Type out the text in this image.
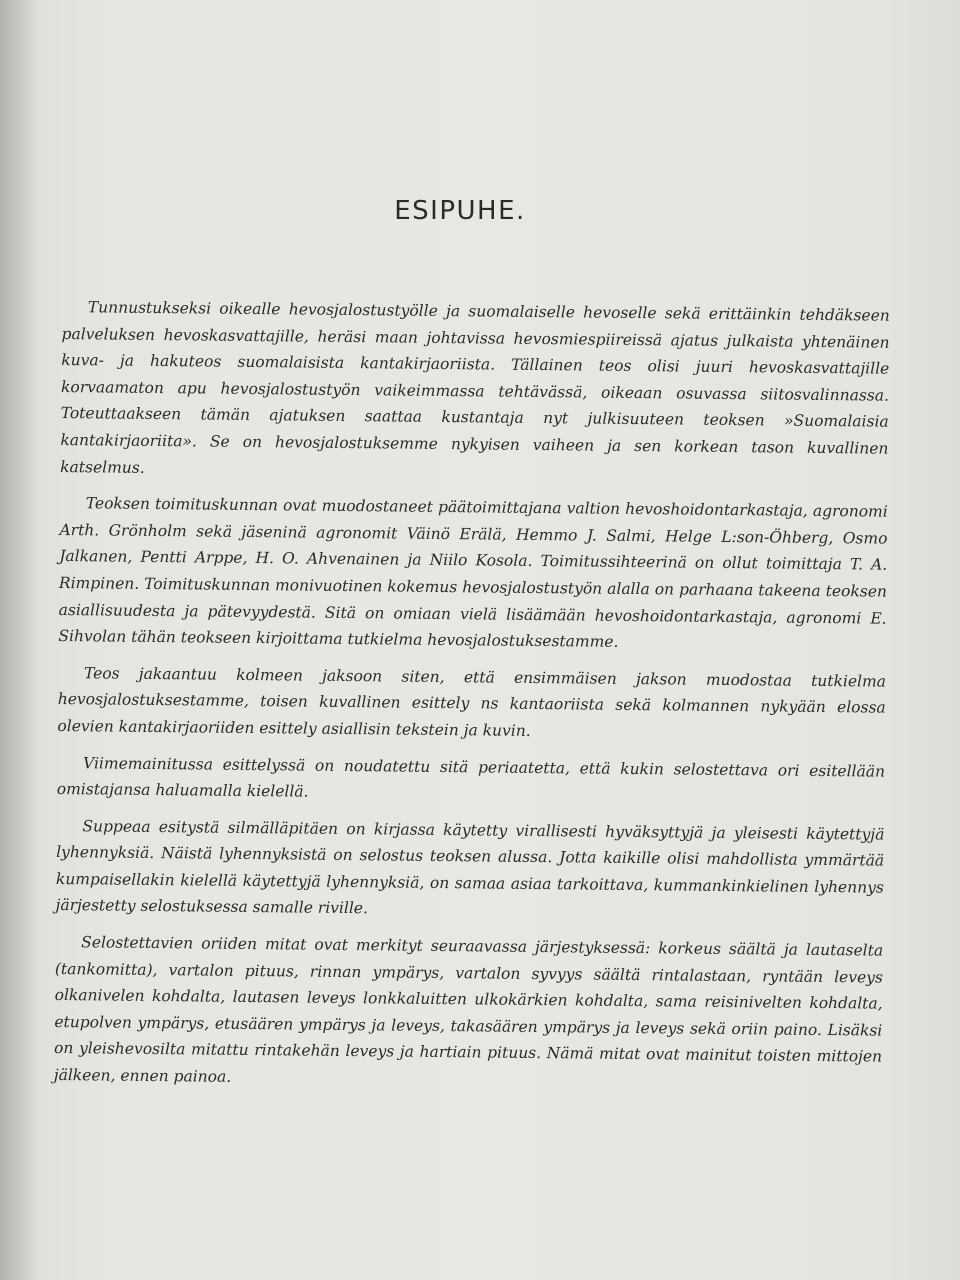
ESIPUHE.

Tunnustukseksi oikealle hevosjalostustyölle ja suomalaiselle hevoselle sekä erittäinkin tehdäkseen palveluksen hevoskasvattajille, heräsi maan johtavissa hevosmiespiireissä ajatus julkaista yhtenäinen kuva- ja hakuteos suomalaisista kantakirjaoriista. Tällainen teos olisi juuri hevoskasvattajille korvaamaton apu hevosjalostustyön vaikeimmassa tehtävässä, oikeaan osuvassa siitosvalinnassa. Toteuttaakseen tämän ajatuksen saattaa kustantaja nyt julkisuuteen teoksen »Suomalaisia kantakirjaoriita». Se on hevosjalostuksemme nykyisen vaiheen ja sen korkean tason kuvallinen katselmus.

Teoksen toimituskunnan ovat muodostaneet päätoimittajana valtion hevoshoidontarkastaja, agronomi Arth. Grönholm sekä jäseninä agronomit Väinö Erälä, Hemmo J. Salmi, Helge L:son-Öhberg, Osmo Jalkanen, Pentti Arppe, H. O. Ahvenainen ja Niilo Kosola. Toimitussihteerinä on ollut toimittaja T. A. Rimpinen. Toimituskunnan monivuotinen kokemus hevosjalostustyön alalla on parhaana takeena teoksen asiallisuudesta ja pätevyydestä. Sitä on omiaan vielä lisäämään hevoshoidontarkastaja, agronomi E. Sihvolan tähän teokseen kirjoittama tutkielma hevosjalostuksestamme.

Teos jakaantuu kolmeen jaksoon siten, että ensimmäisen jakson muodostaa tutkielma hevosjalostuksestamme, toisen kuvallinen esittely ns kantaoriista sekä kolmannen nykyään elossa olevien kantakirjaoriiden esittely asiallisin tekstein ja kuvin.

Viimemainitussa esittelyssä on noudatettu sitä periaatetta, että kukin selostettava ori esitellään omistajansa haluamalla kielellä.

Suppeaa esitystä silmälläpitäen on kirjassa käytetty virallisesti hyväksyttyjä ja yleisesti käytettyjä lyhennyksiä. Näistä lyhennyksistä on selostus teoksen alussa. Jotta kaikille olisi mahdollista ymmärtää kumpaisellakin kielellä käytettyjä lyhennyksiä, on samaa asiaa tarkoittava, kummankinkielinen lyhennys järjestetty selostuksessa samalle riville.

Selostettavien oriiden mitat ovat merkityt seuraavassa järjestyksessä: korkeus säältä ja lautaselta (tankomitta), vartalon pituus, rinnan ympärys, vartalon syvyys säältä rintalastaan, ryntään leveys olkanivelen kohdalta, lautasen leveys lonkkaluitten ulkokärkien kohdalta, sama reisinivelten kohdalta, etupolven ympärys, etusäären ympärys ja leveys, takasäären ympärys ja leveys sekä oriin paino. Lisäksi on yleishevosilta mitattu rintakehän leveys ja hartiain pituus. Nämä mitat ovat mainitut toisten mittojen jälkeen, ennen painoa.
